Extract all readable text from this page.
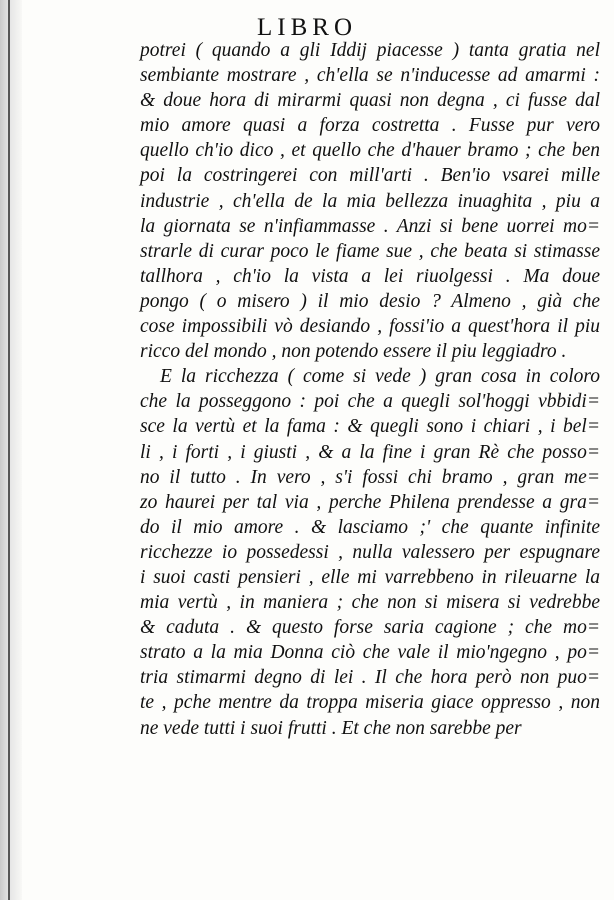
LIBRO
potrei ( quando a gli Iddij piacesse ) tanta gratia nel
sembiante mostrare , ch'ella se n'inducesse ad amarmi :
& doue hora di mirarmi quasi non degna , ci fusse dal
mio amore quasi a forza costretta . Fusse pur vero
quello ch'io dico , et quello che d'hauer bramo ; che ben
poi la costringerei con mill'arti . Ben'io vsarei mille
industrie , ch'ella de la mia bellezza inuaghita , piu a
la giornata se n'infiammasse . Anzi si bene uorrei mo=
strarle di curar poco le fiame sue , che beata si stimasse
tallhora , ch'io la vista a lei riuolgessi . Ma doue
pongo ( o misero ) il mio desio ? Almeno , già che
cose impossibili vò desiando , fossi'io a quest'hora il piu
ricco del mondo , non potendo essere il piu leggiadro .
E la ricchezza ( come si vede ) gran cosa in coloro
che la posseggono : poi che a quegli sol'hoggi vbbidi=
sce la vertù et la fama : & quegli sono i chiari , i bel=
li , i forti , i giusti , & a la fine i gran Rè che posso=
no il tutto . In vero , s'i fossi chi bramo , gran me=
zo haurei per tal via , perche Philena prendesse a gra=
do il mio amore . & lasciamo ;' che quante infinite
ricchezze io possedessi , nulla valessero per espugnare
i suoi casti pensieri , elle mi varrebbeno in rileuarne la
mia vertù , in maniera ; che non si misera si vedrebbe
& caduta . & questo forse saria cagione ; che mo=
strato a la mia Donna ciò che vale il mio'ngegno , po=
tria stimarmi degno di lei . Il che hora però non puo=
te , pche mentre da troppa miseria giace oppresso , non
ne vede tutti i suoi frutti . Et che non sarebbe per
